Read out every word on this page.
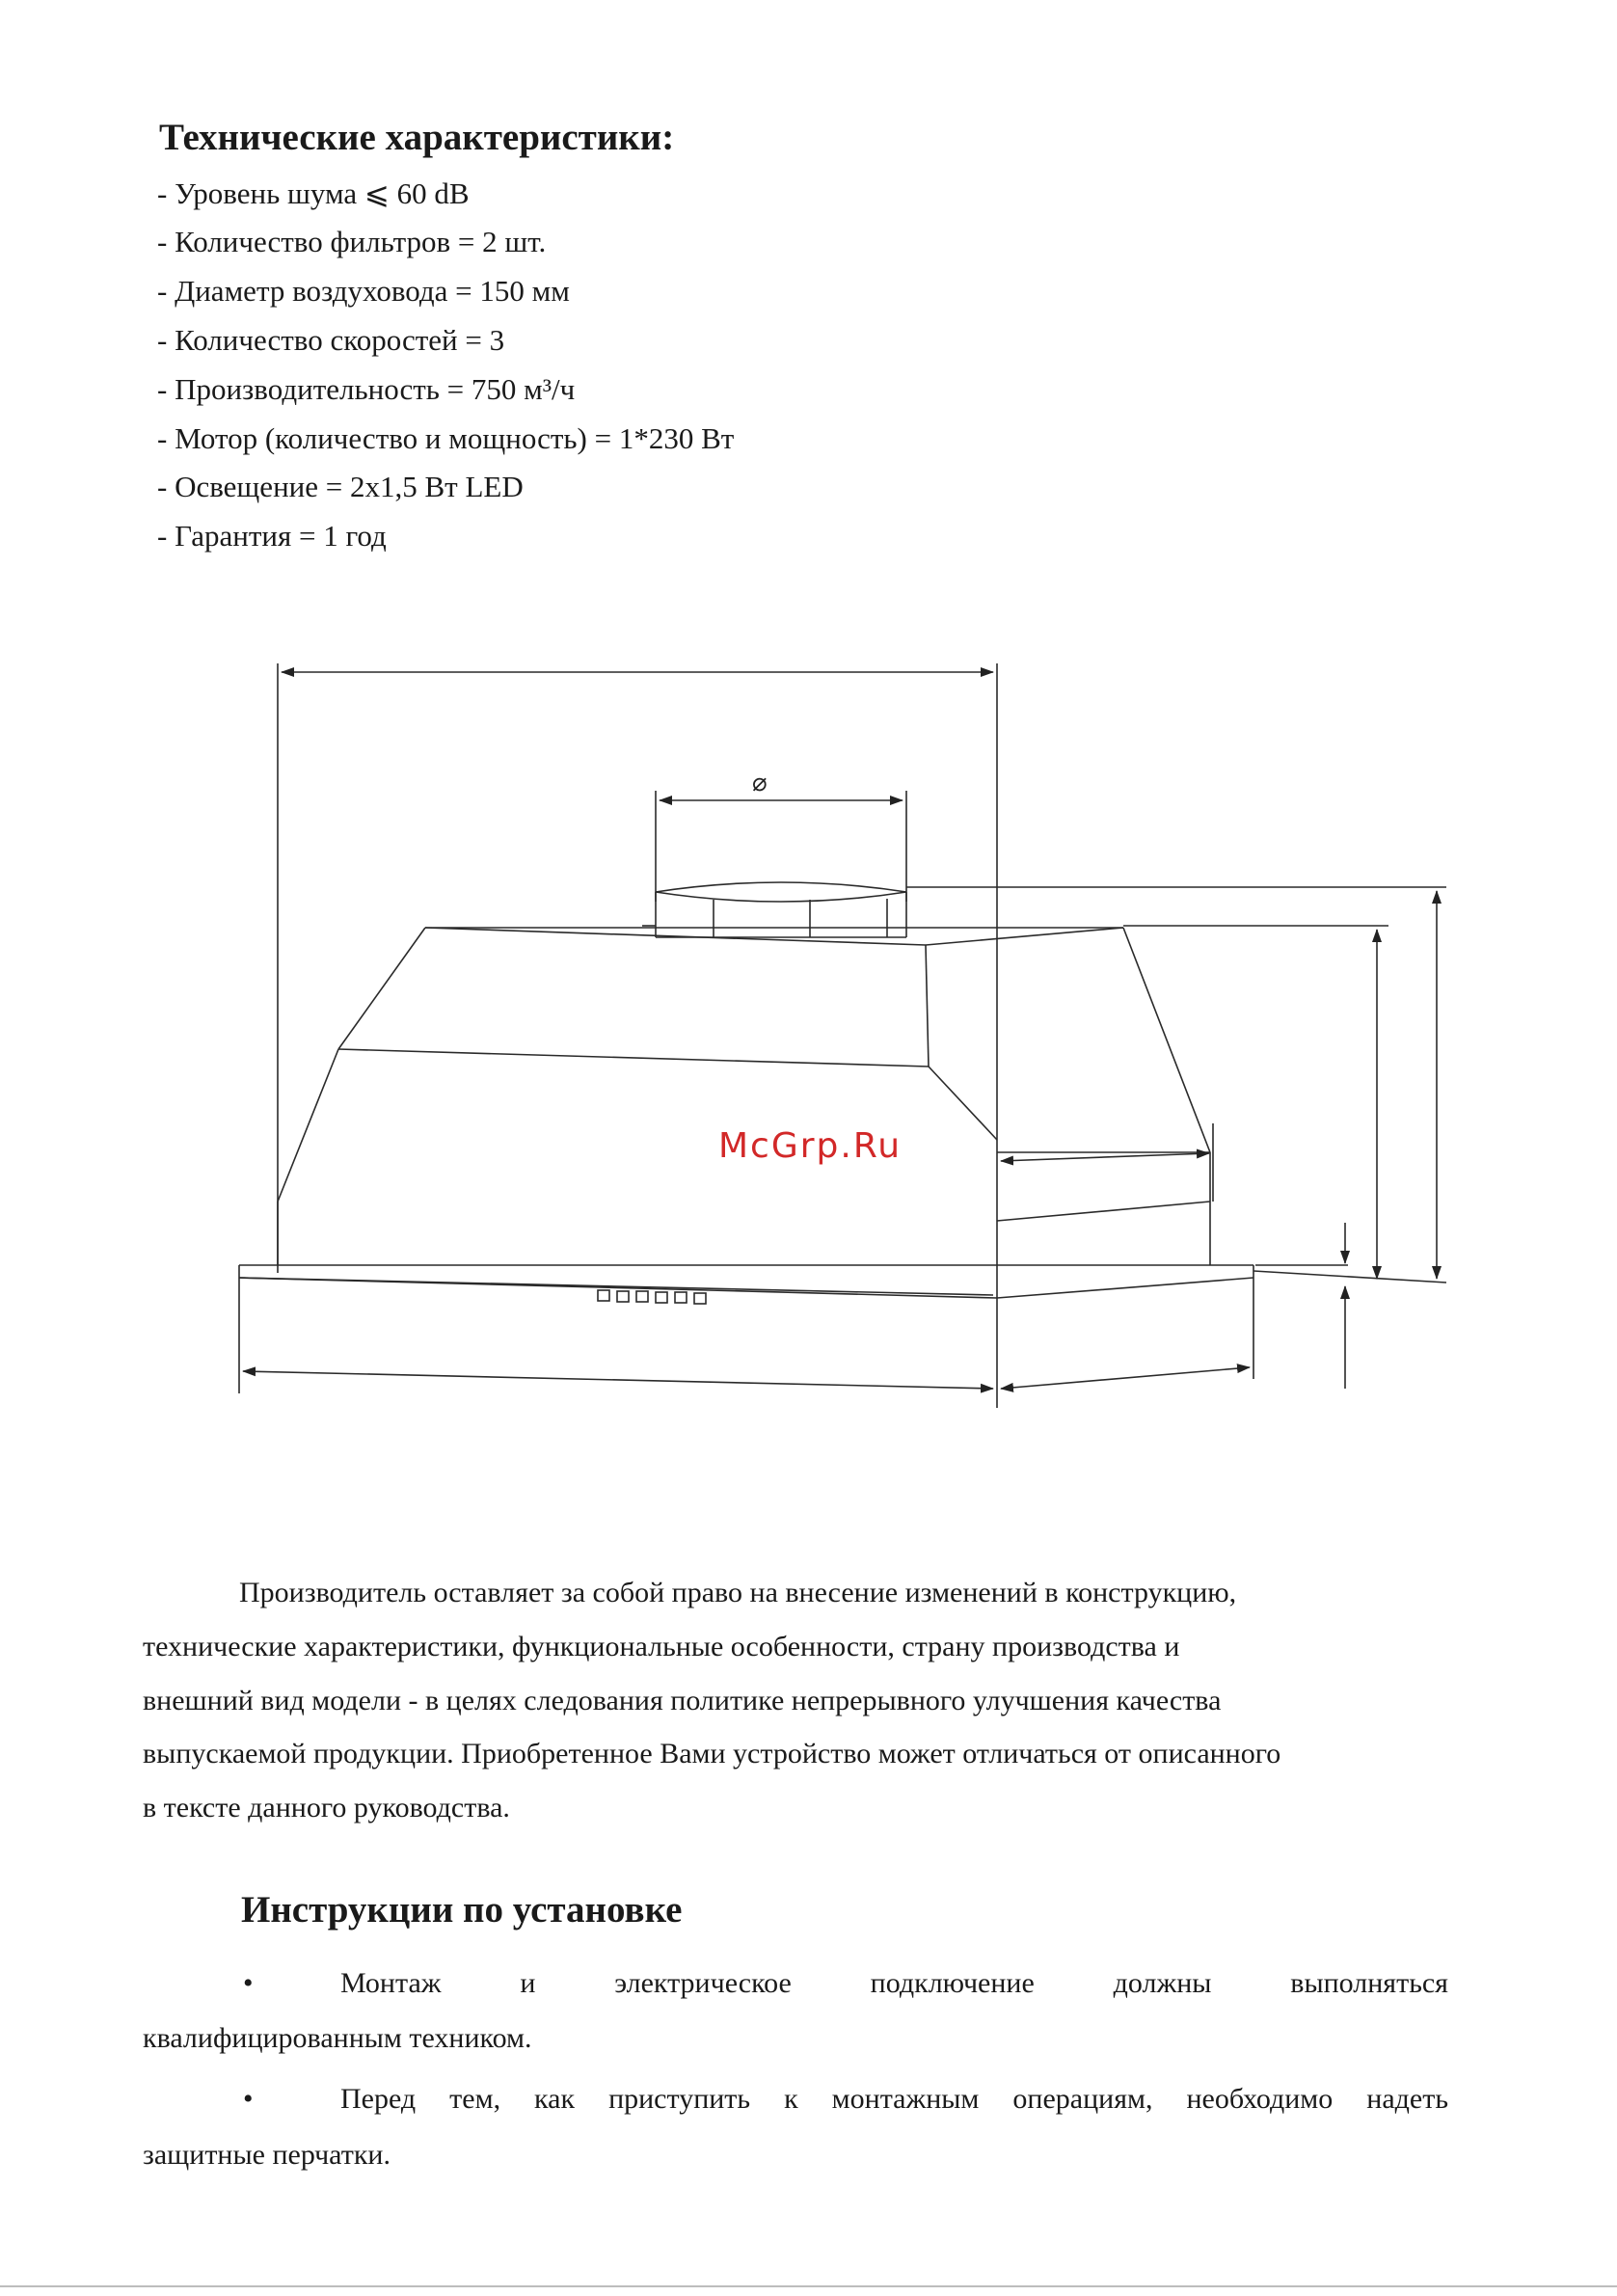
Технические характеристики:
- Уровень шума ⩽ 60 dB
- Количество фильтров = 2 шт.
- Диаметр воздуховода = 150 мм
- Количество скоростей = 3
- Производительность = 750 м³/ч
- Мотор (количество и мощность) = 1*230 Вт
- Освещение = 2х1,5 Вт LED
- Гарантия = 1 год
⌀
McGrp.Ru
Производитель оставляет за собой право на внесение изменений в конструкцию,
технические характеристики, функциональные особенности, страну производства и
внешний вид модели - в целях следования политике непрерывного улучшения качества
выпускаемой продукции. Приобретенное Вами устройство может отличаться от описанного
в тексте данного руководства.
Инструкции по установке
•	Монтаж и электрическое подключение должны выполняться
квалифицированным техником.
•	Перед тем, как приступить к монтажным операциям, необходимо надеть
защитные перчатки.
